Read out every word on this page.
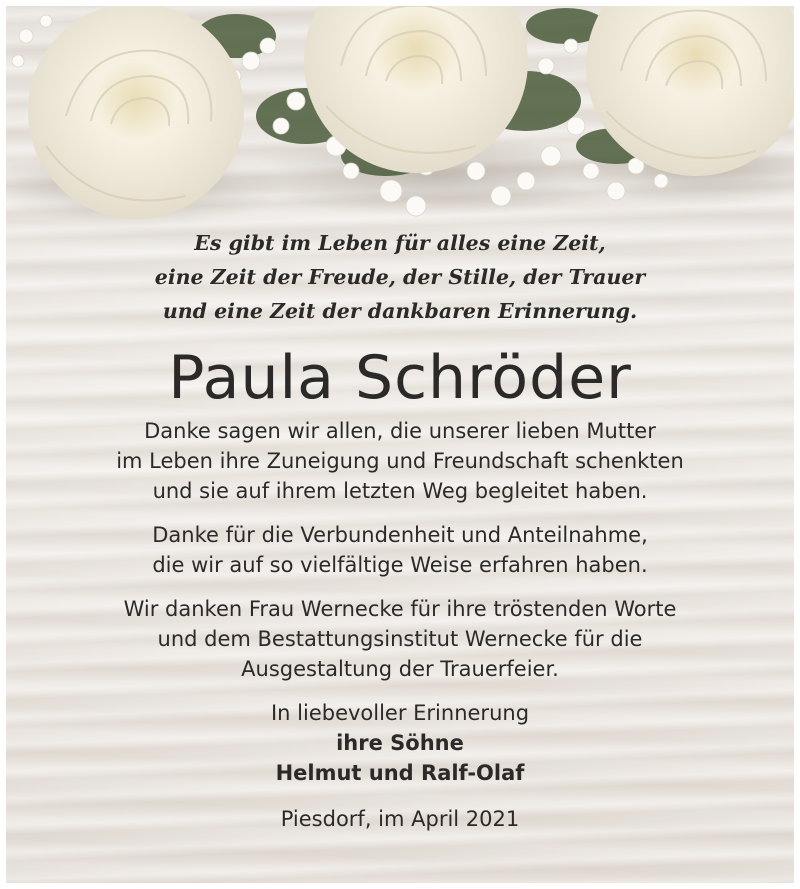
Es gibt im Leben für alles eine Zeit,
eine Zeit der Freude, der Stille, der Trauer
und eine Zeit der dankbaren Erinnerung.
Paula Schröder
Danke sagen wir allen, die unserer lieben Mutter
im Leben ihre Zuneigung und Freundschaft schenkten
und sie auf ihrem letzten Weg begleitet haben.
Danke für die Verbundenheit und Anteilnahme,
die wir auf so vielfältige Weise erfahren haben.
Wir danken Frau Wernecke für ihre tröstenden Worte
und dem Bestattungsinstitut Wernecke für die
Ausgestaltung der Trauerfeier.
In liebevoller Erinnerung
ihre Söhne
Helmut und Ralf-Olaf
Piesdorf, im April 2021
